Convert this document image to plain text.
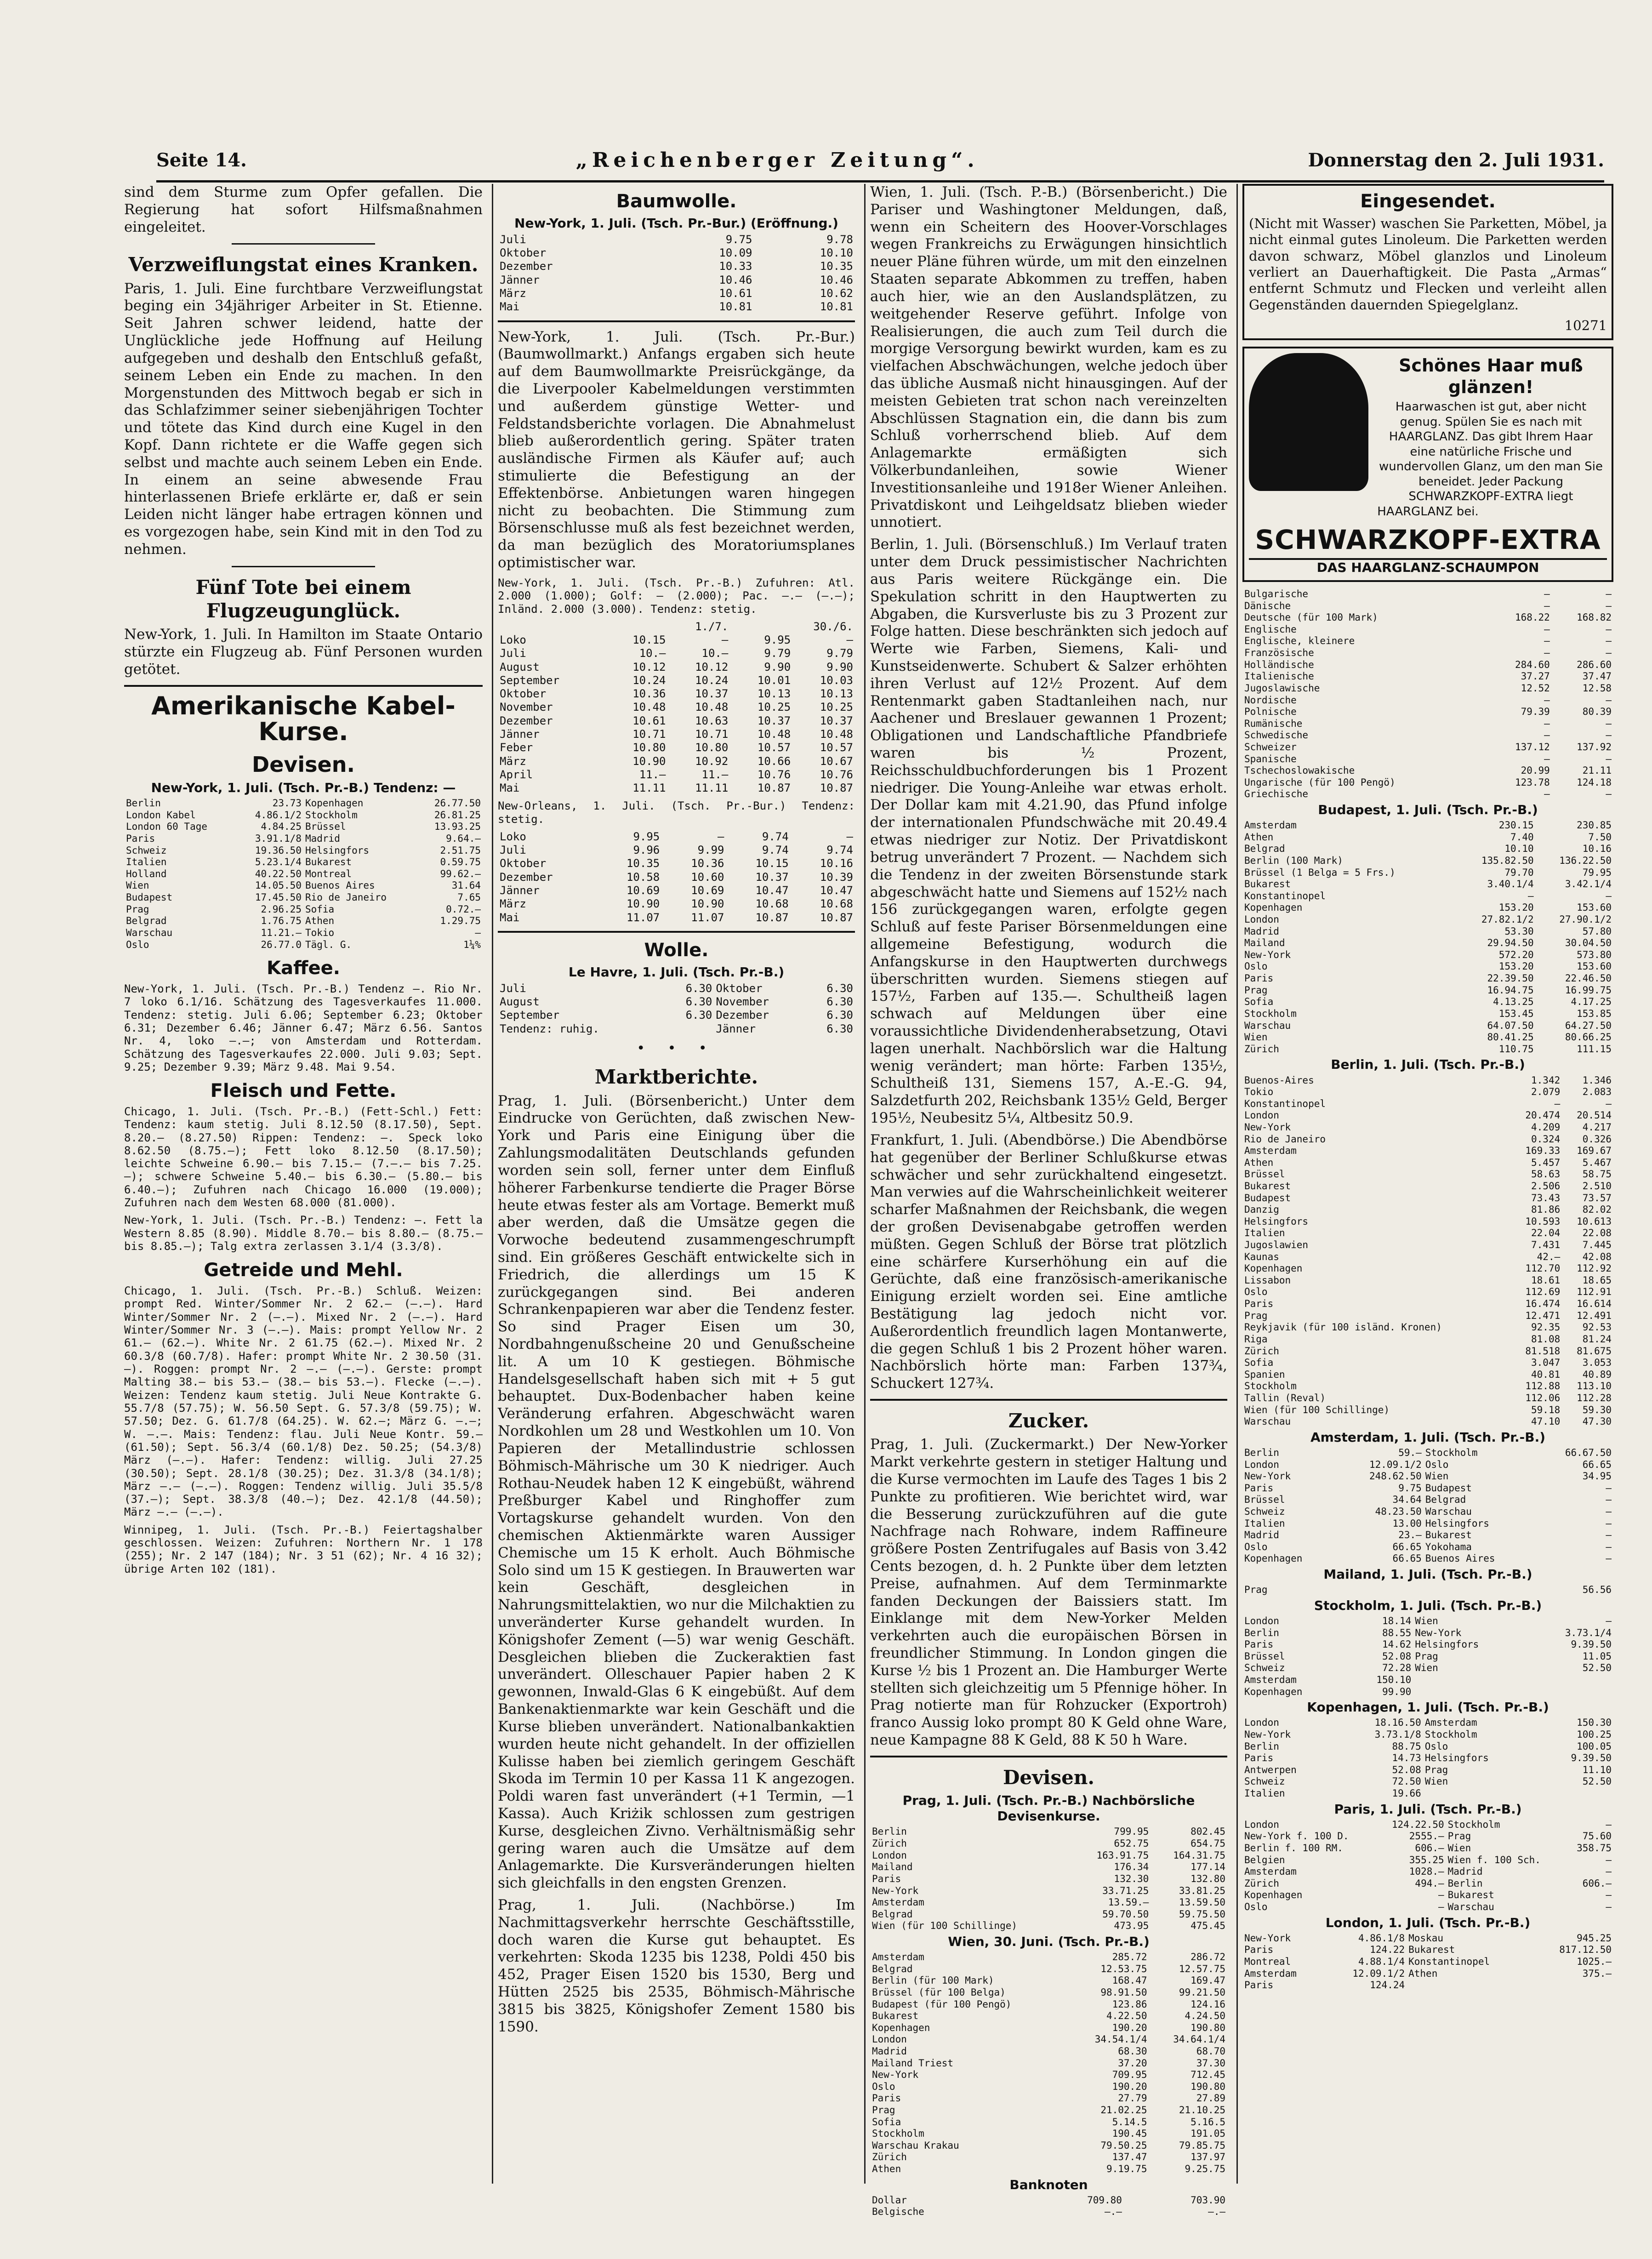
Seite 14.	„Reichenberger Zeitung“.	Donnerstag den 2. Juli 1931.

sind dem Sturme zum Opfer gefallen. Die Regierung hat sofort Hilfsmaßnahmen eingeleitet.

Verzweiflungstat eines Kranken.

Paris, 1. Juli. Eine furchtbare Verzweiflungstat beging ein 34jähriger Arbeiter in St. Etienne. Seit Jahren schwer leidend, hatte der Unglückliche jede Hoffnung auf Heilung aufgegeben und deshalb den Entschluß gefaßt, seinem Leben ein Ende zu machen. In den Morgenstunden des Mittwoch begab er sich in das Schlafzimmer seiner siebenjährigen Tochter und tötete das Kind durch eine Kugel in den Kopf. Dann richtete er die Waffe gegen sich selbst und machte auch seinem Leben ein Ende. In einem an seine abwesende Frau hinterlassenen Briefe erklärte er, daß er sein Leiden nicht länger habe ertragen können und es vorgezogen habe, sein Kind mit in den Tod zu nehmen.

Fünf Tote bei einem
Flugzeugunglück.

New-York, 1. Juli. In Hamilton im Staate Ontario stürzte ein Flugzeug ab. Fünf Personen wurden getötet.

Amerikanische Kabel-Kurse.
Devisen.
New-York, 1. Juli. (Tsch. Pr.-B.) Tendenz: —
Berlin	23.73	Kopenhagen	26.77.50
London Kabel	4.86.1/2	Stockholm	26.81.25
London 60 Tage	4.84.25	Brüssel	13.93.25
Paris	3.91.1/8	Madrid	9.64.—
Schweiz	19.36.50	Helsingfors	2.51.75
Italien	5.23.1/4	Bukarest	0.59.75
Holland	40.22.50	Montreal	99.62.—
Wien	14.05.50	Buenos Aires	31.64
Budapest	17.45.50	Rio de Janeiro	7.65
Prag	2.96.25	Sofia	0.72.—
Belgrad	1.76.75	Athen	1.29.75
Warschau	11.21.—	Tokio	—
Oslo	26.77.0	Tägl. G.	1¼%
Kaffee.

New-York, 1. Juli. (Tsch. Pr.-B.) Tendenz —. Rio Nr. 7 loko 6.1/16. Schätzung des Tagesverkaufes 11.000. Tendenz: stetig. Juli 6.06; September 6.23; Oktober 6.31; Dezember 6.46; Jänner 6.47; März 6.56. Santos Nr. 4, loko —.—; von Amsterdam und Rotterdam. Schätzung des Tagesverkaufes 22.000. Juli 9.03; Sept. 9.25; Dezember 9.39; März 9.48. Mai 9.54.

Fleisch und Fette.

Chicago, 1. Juli. (Tsch. Pr.-B.) (Fett-Schl.) Fett: Tendenz: kaum stetig. Juli 8.12.50 (8.17.50), Sept. 8.20.— (8.27.50) Rippen: Tendenz: —. Speck loko 8.62.50 (8.75.—); Fett loko 8.12.50 (8.17.50); leichte Schweine 6.90.— bis 7.15.— (7.—.— bis 7.25.—); schwere Schweine 5.40.— bis 6.30.— (5.80.— bis 6.40.—); Zufuhren nach Chicago 16.000 (19.000); Zufuhren nach dem Westen 68.000 (81.000).

New-York, 1. Juli. (Tsch. Pr.-B.) Tendenz: —. Fett la Western 8.85 (8.90). Middle 8.70.— bis 8.80.— (8.75.— bis 8.85.—); Talg extra zerlassen 3.1/4 (3.3/8).

Getreide und Mehl.

Chicago, 1. Juli. (Tsch. Pr.-B.) Schluß. Weizen: prompt Red. Winter/Sommer Nr. 2 62.— (—.—). Hard Winter/Sommer Nr. 2 (—.—). Mixed Nr. 2 (—.—). Hard Winter/Sommer Nr. 3 (—.—). Mais: prompt Yellow Nr. 2 61.— (62.—). White Nr. 2 61.75 (62.—). Mixed Nr. 2 60.3/8 (60.7/8). Hafer: prompt White Nr. 2 30.50 (31.—). Roggen: prompt Nr. 2 —.— (—.—). Gerste: prompt Malting 38.— bis 53.— (38.— bis 53.—). Flecke (—.—). Weizen: Tendenz kaum stetig. Juli Neue Kontrakte G. 55.7/8 (57.75); W. 56.50 Sept. G. 57.3/8 (59.75); W. 57.50; Dez. G. 61.7/8 (64.25). W. 62.—; März G. —.—; W. —.—. Mais: Tendenz: flau. Juli Neue Kontr. 59.— (61.50); Sept. 56.3/4 (60.1/8) Dez. 50.25; (54.3/8) März (—.—). Hafer: Tendenz: willig. Juli 27.25 (30.50); Sept. 28.1/8 (30.25); Dez. 31.3/8 (34.1/8); März —.— (—.—). Roggen: Tendenz willig. Juli 35.5/8 (37.—); Sept. 38.3/8 (40.—); Dez. 42.1/8 (44.50); März —.— (—.—).

Winnipeg, 1. Juli. (Tsch. Pr.-B.) Feiertagshalber geschlossen. Weizen: Zufuhren: Northern Nr. 1 178 (255); Nr. 2 147 (184); Nr. 3 51 (62); Nr. 4 16 32); übrige Arten 102 (181).

Baumwolle.
New-York, 1. Juli. (Tsch. Pr.-Bur.) (Eröffnung.)
Juli	9.75	9.78
Oktober	10.09	10.10
Dezember	10.33	10.35
Jänner	10.46	10.46
März	10.61	10.62
Mai	10.81	10.81

New-York, 1. Juli. (Tsch. Pr.-Bur.) (Baumwollmarkt.) Anfangs ergaben sich heute auf dem Baumwollmarkte Preisrückgänge, da die Liverpooler Kabelmeldungen verstimmten und außerdem günstige Wetter- und Feldstandsberichte vorlagen. Die Abnahmelust blieb außerordentlich gering. Später traten ausländische Firmen als Käufer auf; auch stimulierte die Befestigung an der Effektenbörse. Anbietungen waren hingegen nicht zu beobachten. Die Stimmung zum Börsenschlusse muß als fest bezeichnet werden, da man bezüglich des Moratoriumsplanes optimistischer war.

New-York, 1. Juli. (Tsch. Pr.-B.) Zufuhren: Atl. 2.000 (1.000); Golf: — (2.000); Pac. —.— (—.—); Inländ. 2.000 (3.000). Tendenz: stetig.

	1./7.		30./6.	
Loko	10.15	—	9.95	—
Juli	10.—	10.—	9.79	9.79
August	10.12	10.12	9.90	9.90
September	10.24	10.24	10.01	10.03
Oktober	10.36	10.37	10.13	10.13
November	10.48	10.48	10.25	10.25
Dezember	10.61	10.63	10.37	10.37
Jänner	10.71	10.71	10.48	10.48
Feber	10.80	10.80	10.57	10.57
März	10.90	10.92	10.66	10.67
April	11.—	11.—	10.76	10.76
Mai	11.11	11.11	10.87	10.87

New-Orleans, 1. Juli. (Tsch. Pr.-Bur.) Tendenz: stetig.

Loko	9.95	—	9.74	—
Juli	9.96	9.99	9.74	9.74
Oktober	10.35	10.36	10.15	10.16
Dezember	10.58	10.60	10.37	10.39
Jänner	10.69	10.69	10.47	10.47
März	10.90	10.90	10.68	10.68
Mai	11.07	11.07	10.87	10.87
Wolle.
Le Havre, 1. Juli. (Tsch. Pr.-B.)
Juli	6.30	Oktober	6.30
August	6.30	November	6.30
September	6.30	Dezember	6.30
Tendenz: ruhig.		Jänner	6.30
• • •
Marktberichte.

Prag, 1. Juli. (Börsenbericht.) Unter dem Eindrucke von Gerüchten, daß zwischen New-York und Paris eine Einigung über die Zahlungsmodalitäten Deutschlands gefunden worden sein soll, ferner unter dem Einfluß höherer Farbenkurse tendierte die Prager Börse heute etwas fester als am Vortage. Bemerkt muß aber werden, daß die Umsätze gegen die Vorwoche bedeutend zusammengeschrumpft sind. Ein größeres Geschäft entwickelte sich in Friedrich, die allerdings um 15 K zurückgegangen sind. Bei anderen Schrankenpapieren war aber die Tendenz fester. So sind Prager Eisen um 30, Nordbahngenußscheine 20 und Genußscheine lit. A um 10 K gestiegen. Böhmische Handelsgesellschaft haben sich mit + 5 gut behauptet. Dux-Bodenbacher haben keine Veränderung erfahren. Abgeschwächt waren Nordkohlen um 28 und Westkohlen um 10. Von Papieren der Metallindustrie schlossen Böhmisch-Mährische um 30 K niedriger. Auch Rothau-Neudek haben 12 K eingebüßt, während Preßburger Kabel und Ringhoffer zum Vortagskurse gehandelt wurden. Von den chemischen Aktienmärkte waren Aussiger Chemische um 15 K erholt. Auch Böhmische Solo sind um 15 K gestiegen. In Brauwerten war kein Geschäft, desgleichen in Nahrungsmittelaktien, wo nur die Milchaktien zu unveränderter Kurse gehandelt wurden. In Königshofer Zement (—5) war wenig Geschäft. Desgleichen blieben die Zuckeraktien fast unverändert. Olleschauer Papier haben 2 K gewonnen, Inwald-Glas 6 K eingebüßt. Auf dem Bankenaktienmarkte war kein Geschäft und die Kurse blieben unverändert. Nationalbankaktien wurden heute nicht gehandelt. In der offiziellen Kulisse haben bei ziemlich geringem Geschäft Skoda im Termin 10 per Kassa 11 K angezogen. Poldi waren fast unverändert (+1 Termin, —1 Kassa). Auch Kriżik schlossen zum gestrigen Kurse, desgleichen Zivno. Verhältnismäßig sehr gering waren auch die Umsätze auf dem Anlagemarkte. Die Kursveränderungen hielten sich gleichfalls in den engsten Grenzen.

Prag, 1. Juli. (Nachbörse.) Im Nachmittagsverkehr herrschte Geschäftsstille, doch waren die Kurse gut behauptet. Es verkehrten: Skoda 1235 bis 1238, Poldi 450 bis 452, Prager Eisen 1520 bis 1530, Berg und Hütten 2525 bis 2535, Böhmisch-Mährische 3815 bis 3825, Königshofer Zement 1580 bis 1590.

Wien, 1. Juli. (Tsch. P.-B.) (Börsenbericht.) Die Pariser und Washingtoner Meldungen, daß, wenn ein Scheitern des Hoover-Vorschlages wegen Frankreichs zu Erwägungen hinsichtlich neuer Pläne führen würde, um mit den einzelnen Staaten separate Abkommen zu treffen, haben auch hier, wie an den Auslandsplätzen, zu weitgehender Reserve geführt. Infolge von Realisierungen, die auch zum Teil durch die morgige Versorgung bewirkt wurden, kam es zu vielfachen Abschwächungen, welche jedoch über das übliche Ausmaß nicht hinausgingen. Auf der meisten Gebieten trat schon nach vereinzelten Abschlüssen Stagnation ein, die dann bis zum Schluß vorherrschend blieb. Auf dem Anlagemarkte ermäßigten sich Völkerbundanleihen, sowie Wiener Investitionsanleihe und 1918er Wiener Anleihen. Privatdiskont und Leihgeldsatz blieben wieder unnotiert.

Berlin, 1. Juli. (Börsenschluß.) Im Verlauf traten unter dem Druck pessimistischer Nachrichten aus Paris weitere Rückgänge ein. Die Spekulation schritt in den Hauptwerten zu Abgaben, die Kursverluste bis zu 3 Prozent zur Folge hatten. Diese beschränkten sich jedoch auf Werte wie Farben, Siemens, Kali- und Kunstseidenwerte. Schubert & Salzer erhöhten ihren Verlust auf 12½ Prozent. Auf dem Rentenmarkt gaben Stadtanleihen nach, nur Aachener und Breslauer gewannen 1 Prozent; Obligationen und Landschaftliche Pfandbriefe waren bis ½ Prozent, Reichsschuldbuchforderungen bis 1 Prozent niedriger. Die Young-Anleihe war etwas erholt. Der Dollar kam mit 4.21.90, das Pfund infolge der internationalen Pfundschwäche mit 20.49.4 etwas niedriger zur Notiz. Der Privatdiskont betrug unverändert 7 Prozent. — Nachdem sich die Tendenz in der zweiten Börsenstunde stark abgeschwächt hatte und Siemens auf 152½ nach 156 zurückgegangen waren, erfolgte gegen Schluß auf feste Pariser Börsenmeldungen eine allgemeine Befestigung, wodurch die Anfangskurse in den Hauptwerten durchwegs überschritten wurden. Siemens stiegen auf 157½, Farben auf 135.—. Schultheiß lagen schwach auf Meldungen über eine voraussichtliche Dividendenherabsetzung, Otavi lagen unerhalt. Nachbörslich war die Haltung wenig verändert; man hörte: Farben 135½, Schultheiß 131, Siemens 157, A.-E.-G. 94, Salzdetfurth 202, Reichsbank 135½ Geld, Berger 195½, Neubesitz 5¼, Altbesitz 50.9.

Frankfurt, 1. Juli. (Abendbörse.) Die Abendbörse hat gegenüber der Berliner Schlußkurse etwas schwächer und sehr zurückhaltend eingesetzt. Man verwies auf die Wahrscheinlichkeit weiterer scharfer Maßnahmen der Reichsbank, die wegen der großen Devisenabgabe getroffen werden müßten. Gegen Schluß der Börse trat plötzlich eine schärfere Kurserhöhung ein auf die Gerüchte, daß eine französisch-amerikanische Einigung erzielt worden sei. Eine amtliche Bestätigung lag jedoch nicht vor. Außerordentlich freundlich lagen Montanwerte, die gegen Schluß 1 bis 2 Prozent höher waren. Nachbörslich hörte man: Farben 137¾, Schuckert 127¾.

Zucker.

Prag, 1. Juli. (Zuckermarkt.) Der New-Yorker Markt verkehrte gestern in stetiger Haltung und die Kurse vermochten im Laufe des Tages 1 bis 2 Punkte zu profitieren. Wie berichtet wird, war die Besserung zurückzuführen auf die gute Nachfrage nach Rohware, indem Raffineure größere Posten Zentrifugales auf Basis von 3.42 Cents bezogen, d. h. 2 Punkte über dem letzten Preise, aufnahmen. Auf dem Terminmarkte fanden Deckungen der Baissiers statt. Im Einklange mit dem New-Yorker Melden verkehrten auch die europäischen Börsen in freundlicher Stimmung. In London gingen die Kurse ½ bis 1 Prozent an. Die Hamburger Werte stellten sich gleichzeitig um 5 Pfennige höher. In Prag notierte man für Rohzucker (Exportroh) franco Aussig loko prompt 80 K Geld ohne Ware, neue Kampagne 88 K Geld, 88 K 50 h Ware.

Devisen.
Prag, 1. Juli. (Tsch. Pr.-B.) Nachbörsliche Devisenkurse.
Berlin	799.95	802.45
Zürich	652.75	654.75
London	163.91.75	164.31.75
Mailand	176.34	177.14
Paris	132.30	132.80
New-York	33.71.25	33.81.25
Amsterdam	13.59.—	13.59.50
Belgrad	59.70.50	59.75.50
Wien (für 100 Schillinge)	473.95	475.45
Wien, 30. Juni. (Tsch. Pr.-B.)
Amsterdam	285.72	286.72
Belgrad	12.53.75	12.57.75
Berlin (für 100 Mark)	168.47	169.47
Brüssel (für 100 Belga)	98.91.50	99.21.50
Budapest (für 100 Pengö)	123.86	124.16
Bukarest	4.22.50	4.24.50
Kopenhagen	190.20	190.80
London	34.54.1/4	34.64.1/4
Madrid	68.30	68.70
Mailand Triest	37.20	37.30
New-York	709.95	712.45
Oslo	190.20	190.80
Paris	27.79	27.89
Prag	21.02.25	21.10.25
Sofia	5.14.5	5.16.5
Stockholm	190.45	191.05
Warschau Krakau	79.50.25	79.85.75
Zürich	137.47	137.97
Athen	9.19.75	9.25.75
Banknoten
Dollar	709.80	703.90
Belgische	—.—	—.—
Eingesendet.

(Nicht mit Wasser) waschen Sie Parketten, Möbel, ja nicht einmal gutes Linoleum. Die Parketten werden davon schwarz, Möbel glanzlos und Linoleum verliert an Dauerhaftigkeit. Die Pasta „Armas“ entfernt Schmutz und Flecken und verleiht allen Gegenständen dauernden Spiegelglanz.

10271
Schönes Haar muß glänzen!
Haarwaschen ist gut, aber nicht genug. Spülen Sie es nach mit HAARGLANZ. Das gibt Ihrem Haar eine natürliche Frische und wundervollen Glanz, um den man Sie beneidet. Jeder Packung SCHWARZKOPF-EXTRA liegt HAARGLANZ bei.
SCHWARZKOPF-EXTRA
DAS HAARGLANZ-SCHAUMPON
Bulgarische	—	—
Dänische	—	—
Deutsche (für 100 Mark)	168.22	168.82
Englische	—	—
Englische, kleinere	—	—
Französische	—	—
Holländische	284.60	286.60
Italienische	37.27	37.47
Jugoslawische	12.52	12.58
Nordische	—	—
Polnische	79.39	80.39
Rumänische	—	—
Schwedische	—	—
Schweizer	137.12	137.92
Spanische	—	—
Tschechoslowakische	20.99	21.11
Ungarische (für 100 Pengö)	123.78	124.18
Griechische	—	—
Budapest, 1. Juli. (Tsch. Pr.-B.)
Amsterdam	230.15	230.85
Athen	7.40	7.50
Belgrad	10.10	10.16
Berlin (100 Mark)	135.82.50	136.22.50
Brüssel (1 Belga = 5 Frs.)	79.70	79.95
Bukarest	3.40.1/4	3.42.1/4
Konstantinopel	—	—
Kopenhagen	153.20	153.60
London	27.82.1/2	27.90.1/2
Madrid	53.30	57.80
Mailand	29.94.50	30.04.50
New-York	572.20	573.80
Oslo	153.20	153.60
Paris	22.39.50	22.46.50
Prag	16.94.75	16.99.75
Sofia	4.13.25	4.17.25
Stockholm	153.45	153.85
Warschau	64.07.50	64.27.50
Wien	80.41.25	80.66.25
Zürich	110.75	111.15
Berlin, 1. Juli. (Tsch. Pr.-B.)
Buenos-Aires	1.342	1.346
Tokio	2.079	2.083
Konstantinopel	—	—
London	20.474	20.514
New-York	4.209	4.217
Rio de Janeiro	0.324	0.326
Amsterdam	169.33	169.67
Athen	5.457	5.467
Brüssel	58.63	58.75
Bukarest	2.506	2.510
Budapest	73.43	73.57
Danzig	81.86	82.02
Helsingfors	10.593	10.613
Italien	22.04	22.08
Jugoslawien	7.431	7.445
Kaunas	42.—	42.08
Kopenhagen	112.70	112.92
Lissabon	18.61	18.65
Oslo	112.69	112.91
Paris	16.474	16.614
Prag	12.471	12.491
Reykjavik (für 100 isländ. Kronen)	92.35	92.53
Riga	81.08	81.24
Zürich	81.518	81.675
Sofia	3.047	3.053
Spanien	40.81	40.89
Stockholm	112.88	113.10
Tallin (Reval)	112.06	112.28
Wien (für 100 Schillinge)	59.18	59.30
Warschau	47.10	47.30
Amsterdam, 1. Juli. (Tsch. Pr.-B.)
Berlin	59.—	Stockholm	66.67.50
London	12.09.1/2	Oslo	66.65
New-York	248.62.50	Wien	34.95
Paris	9.75	Budapest	—
Brüssel	34.64	Belgrad	—
Schweiz	48.23.50	Warschau	—
Italien	13.00	Helsingfors	—
Madrid	23.—	Bukarest	—
Oslo	66.65	Yokohama	—
Kopenhagen	66.65	Buenos Aires	—
Mailand, 1. Juli. (Tsch. Pr.-B.)
Prag	56.56
Stockholm, 1. Juli. (Tsch. Pr.-B.)
London	18.14	Wien	—
Berlin	88.55	New-York	3.73.1/4
Paris	14.62	Helsingfors	9.39.50
Brüssel	52.08	Prag	11.05
Schweiz	72.28	Wien	52.50
Amsterdam	150.10		
Kopenhagen	99.90		
Kopenhagen, 1. Juli. (Tsch. Pr.-B.)
London	18.16.50	Amsterdam	150.30
New-York	3.73.1/8	Stockholm	100.25
Berlin	88.75	Oslo	100.05
Paris	14.73	Helsingfors	9.39.50
Antwerpen	52.08	Prag	11.10
Schweiz	72.50	Wien	52.50
Italien	19.66		
Paris, 1. Juli. (Tsch. Pr.-B.)
London	124.22.50	Stockholm	—
New-York f. 100 D.	2555.—	Prag	75.60
Berlin f. 100 RM.	606.—	Wien	358.75
Belgien	355.25	Wien f. 100 Sch.	—
Amsterdam	1028.—	Madrid	—
Zürich	494.—	Berlin	606.—
Kopenhagen	—	Bukarest	—
Oslo	—	Warschau	—
London, 1. Juli. (Tsch. Pr.-B.)
New-York	4.86.1/8	Moskau	945.25
Paris	124.22	Bukarest	817.12.50
Montreal	4.88.1/4	Konstantinopel	1025.—
Amsterdam	12.09.1/2	Athen	375.—
Paris	124.24		
